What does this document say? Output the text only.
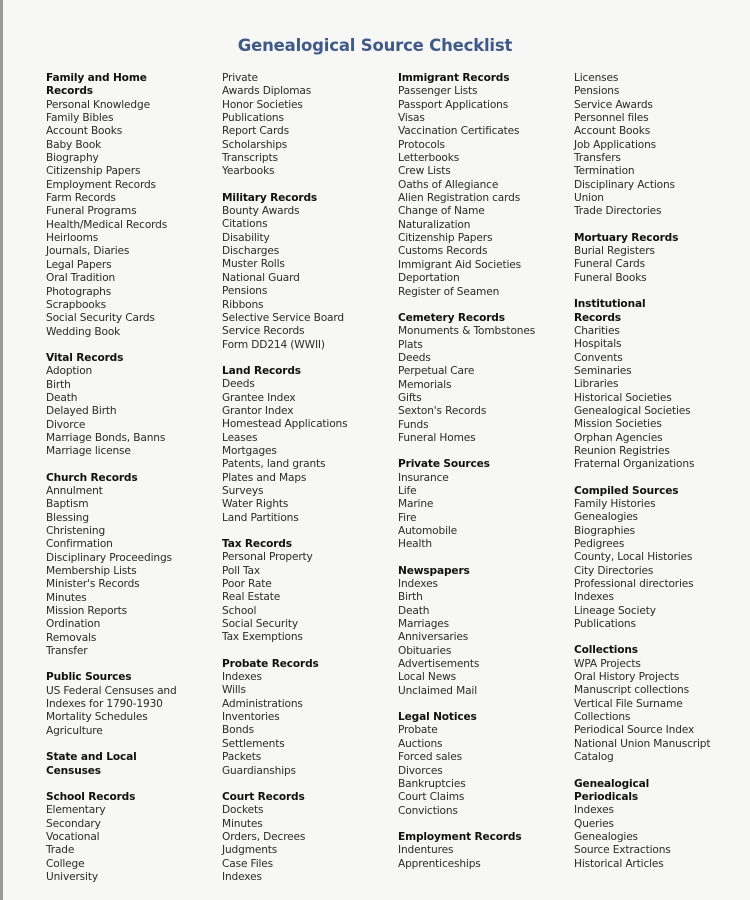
Genealogical Source Checklist
Family and Home Records
Personal Knowledge
Family Bibles
Account Books
Baby Book
Biography
Citizenship Papers
Employment Records
Farm Records
Funeral Programs
Health/Medical Records
Heirlooms
Journals, Diaries
Legal Papers
Oral Tradition
Photographs
Scrapbooks
Social Security Cards
Wedding Book
Vital Records
Adoption
Birth
Death
Delayed Birth
Divorce
Marriage Bonds, Banns
Marriage license
Church Records
Annulment
Baptism
Blessing
Christening
Confirmation
Disciplinary Proceedings
Membership Lists
Minister's Records
Minutes
Mission Reports
Ordination
Removals
Transfer
Public Sources
US Federal Censuses and
Indexes for 1790-1930
Mortality Schedules
Agriculture
State and Local Censuses
School Records
Elementary
Secondary
Vocational
Trade
College
University
Private
Awards Diplomas
Honor Societies
Publications
Report Cards
Scholarships
Transcripts
Yearbooks
Military Records
Bounty Awards
Citations
Disability
Discharges
Muster Rolls
National Guard
Pensions
Ribbons
Selective Service Board
Service Records
Form DD214 (WWII)
Land Records
Deeds
Grantee Index
Grantor Index
Homestead Applications
Leases
Mortgages
Patents, land grants
Plates and Maps
Surveys
Water Rights
Land Partitions
Tax Records
Personal Property
Poll Tax
Poor Rate
Real Estate
School
Social Security
Tax Exemptions
Probate Records
Indexes
Wills
Administrations
Inventories
Bonds
Settlements
Packets
Guardianships
Court Records
Dockets
Minutes
Orders, Decrees
Judgments
Case Files
Indexes
Immigrant Records
Passenger Lists
Passport Applications
Visas
Vaccination Certificates
Protocols
Letterbooks
Crew Lists
Oaths of Allegiance
Alien Registration cards
Change of Name
Naturalization
Citizenship Papers
Customs Records
Immigrant Aid Societies
Deportation
Register of Seamen
Cemetery Records
Monuments & Tombstones
Plats
Deeds
Perpetual Care
Memorials
Gifts
Sexton's Records
Funds
Funeral Homes
Private Sources
Insurance
Life
Marine
Fire
Automobile
Health
Newspapers
Indexes
Birth
Death
Marriages
Anniversaries
Obituaries
Advertisements
Local News
Unclaimed Mail
Legal Notices
Probate
Auctions
Forced sales
Divorces
Bankruptcies
Court Claims
Convictions
Employment Records
Indentures
Apprenticeships
Licenses
Pensions
Service Awards
Personnel files
Account Books
Job Applications
Transfers
Termination
Disciplinary Actions
Union
Trade Directories
Mortuary Records
Burial Registers
Funeral Cards
Funeral Books
Institutional Records
Charities
Hospitals
Convents
Seminaries
Libraries
Historical Societies
Genealogical Societies
Mission Societies
Orphan Agencies
Reunion Registries
Fraternal Organizations
Compiled Sources
Family Histories
Genealogies
Biographies
Pedigrees
County, Local Histories
City Directories
Professional directories
Indexes
Lineage Society
Publications
Collections
WPA Projects
Oral History Projects
Manuscript collections
Vertical File Surname
Collections
Periodical Source Index
National Union Manuscript
Catalog
Genealogical Periodicals
Indexes
Queries
Genealogies
Source Extractions
Historical Articles
